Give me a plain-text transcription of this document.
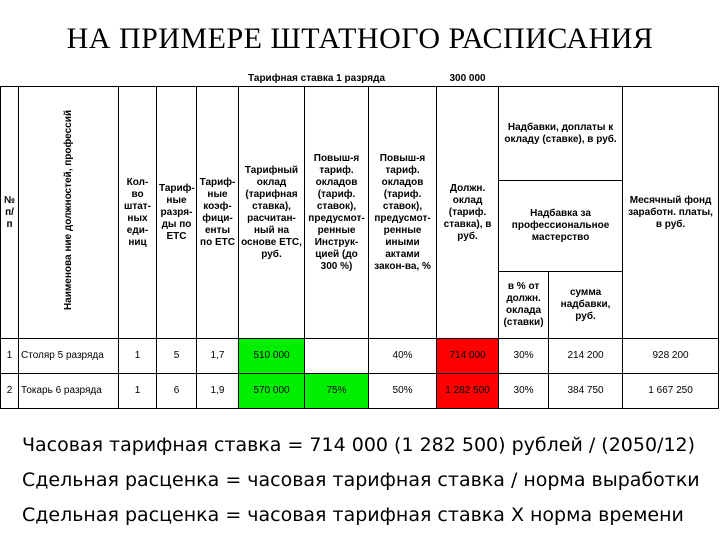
НА ПРИМЕРЕ ШТАТНОГО РАСПИСАНИЯ
				Тарифная ставка 1 разряда				300 000			
№ п/п	Наименова ние должностей, профессий	Кол-во штат-ных еди-ниц	Тариф-ные разря-ды по ЕТС	Тариф-ные коэф-фици-енты по ЕТС	Тарифный оклад (тарифная ставка), расчитан-ный на основе ЕТС, руб.	Повыш-я тариф. окладов (тариф. ставок), предусмот-ренные Инструк-цией (до 300 %)	Повыш-я тариф. окладов (тариф. ставок), предусмот-ренные иными актами закон-ва, %	Должн. оклад (тариф. ставка), в руб.	Надбавки, доплаты к окладу (ставке), в руб.		Месячный фонд заработн. платы, в руб.
									Надбавка за профессиональное мастерство		
									в % от должн. оклада (ставки)	сумма надбавки, руб.	
1	Столяр 5 разряда	1	5	1,7	510 000		40%	714 000	30%	214 200	928 200
2	Токарь 6 разряда	1	6	1,9	570 000	75%	50%	1 282 500	30%	384 750	1 667 250
Часовая тарифная ставка = 714 000 (1 282 500) рублей / (2050/12)
Сдельная расценка = часовая тарифная ставка / норма выработки
Сдельная расценка = часовая тарифная ставка Х норма времени
